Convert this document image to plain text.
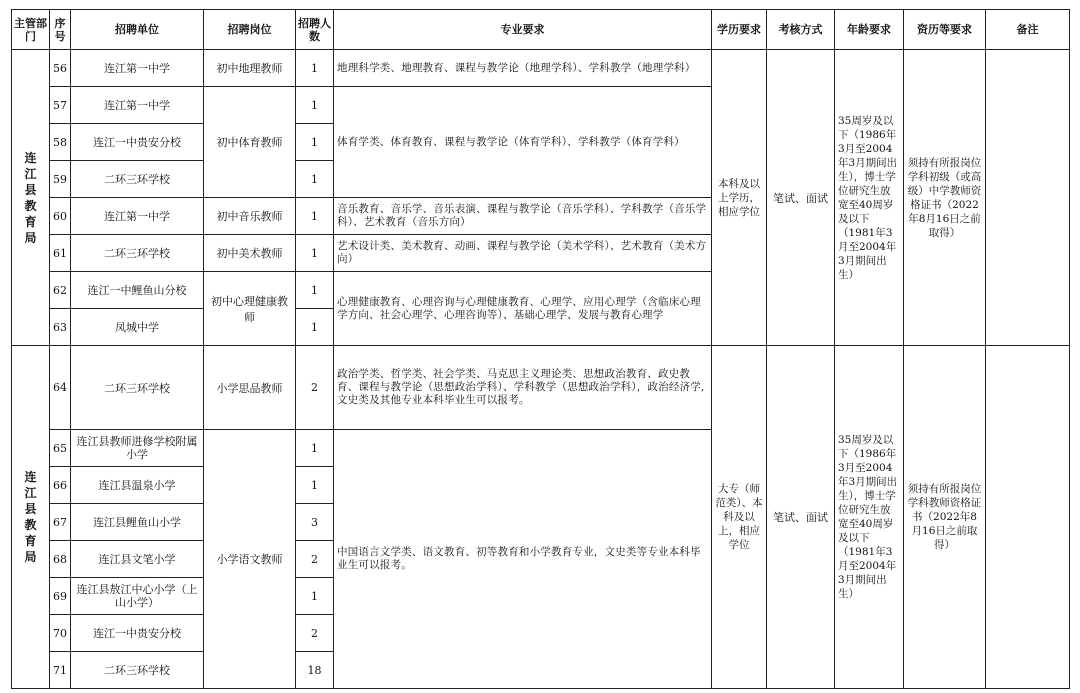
主管部门	序号	招聘单位	招聘岗位	招聘人数	专业要求	学历要求	考核方式	年龄要求	资历等要求	备注
连江县教育局	56	连江第一中学	初中地理教师	1	地理科学类、地理教育、课程与教学论（地理学科）、学科教学（地理学科）	本科及以上学历，相应学位	笔试、面试	35周岁及以下（1986年3月至2004年3月期间出生），博士学位研究生放宽至40周岁及以下（1981年3月至2004年3月期间出生）	须持有所报岗位学科初级（或高级）中学教师资格证书（2022年8月16日之前取得）	
	57	连江第一中学	初中体育教师	1	体育学类、体育教育、课程与教学论（体育学科）、学科教学（体育学科）					
	58	连江一中贵安分校		1						
	59	二环三环学校		1						
	60	连江第一中学	初中音乐教师	1	音乐教育、音乐学、音乐表演、课程与教学论（音乐学科）、学科教学（音乐学科）、艺术教育（音乐方向）					
	61	二环三环学校	初中美术教师	1	艺术设计类、美术教育、动画、课程与教学论（美术学科）、艺术教育（美术方向）					
	62	连江一中鲤鱼山分校	初中心理健康教师	1	心理健康教育、心理咨询与心理健康教育、心理学、应用心理学（含临床心理学方向、社会心理学、心理咨询等）、基础心理学、发展与教育心理学					
	63	凤城中学		1						
连江县教育局	64	二环三环学校	小学思品教师	2	政治学类、哲学类、社会学类、马克思主义理论类、思想政治教育、政史教育、课程与教学论（思想政治学科）、学科教学（思想政治学科），政治经济学,文史类及其他专业本科毕业生可以报考。	大专（师范类）、本科及以上，相应学位	笔试、面试	35周岁及以下（1986年3月至2004年3月期间出生），博士学位研究生放宽至40周岁及以下（1981年3月至2004年3月期间出生）	须持有所报岗位学科教师资格证书（2022年8月16日之前取得）	
	65	连江县教师进修学校附属小学	小学语文教师	1	中国语言文学类、语文教育、初等教育和小学教育专业，文史类等专业本科毕业生可以报考。					
	66	连江县温泉小学		1						
	67	连江县鲤鱼山小学		3						
	68	连江县文笔小学		2						
	69	连江县敖江中心小学（上山小学）		1						
	70	连江一中贵安分校		2						
	71	二环三环学校		18						
